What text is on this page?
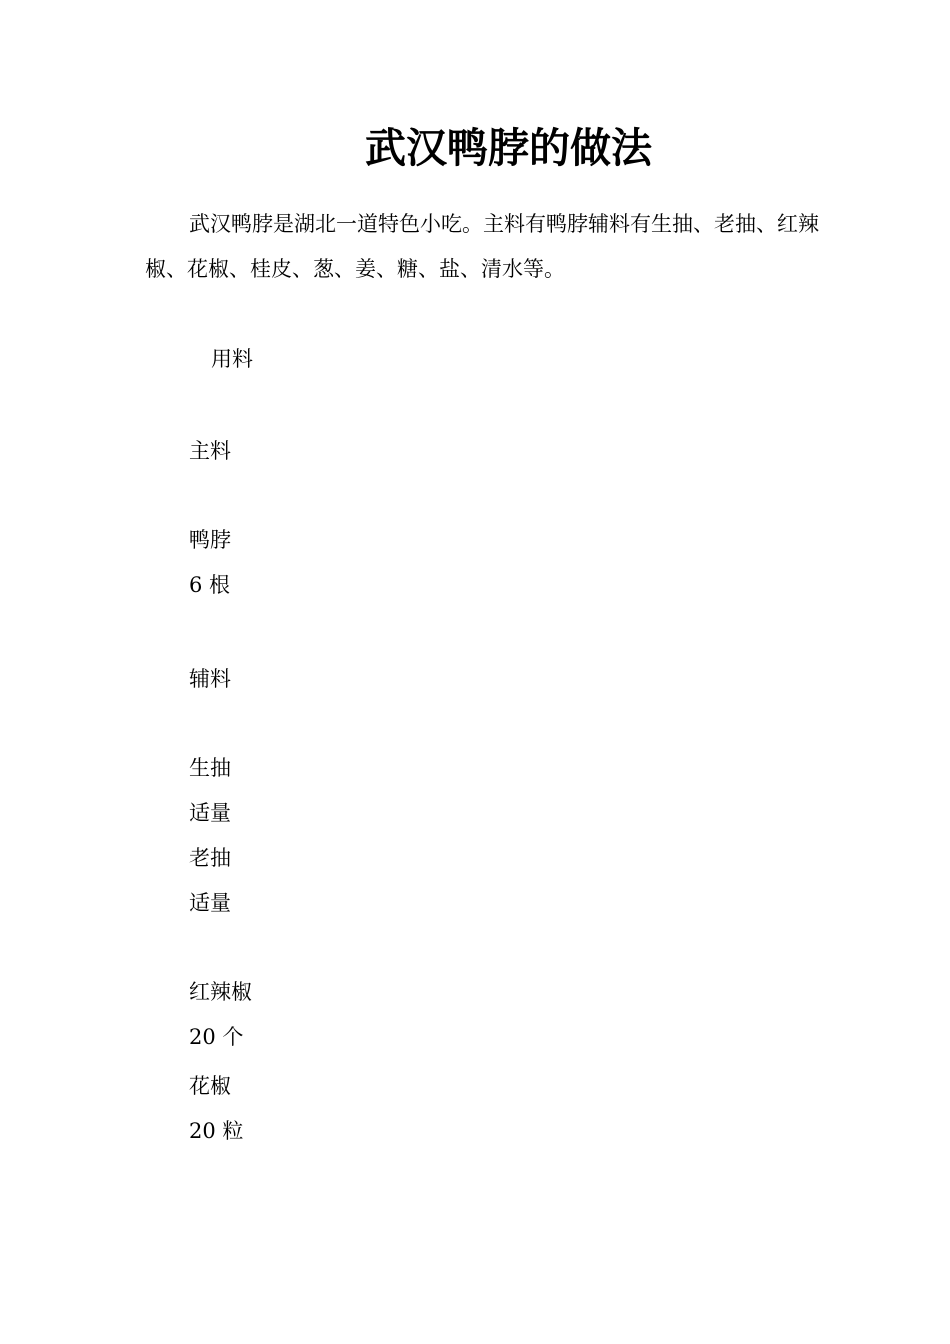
武汉鸭脖的做法

武汉鸭脖是湖北一道特色小吃。主料有鸭脖辅料有生抽、老抽、红辣椒、花椒、桂皮、葱、姜、糖、盐、清水等。

用料

主料

鸭脖

6 根

辅料

生抽

适量

老抽

适量

红辣椒

20 个

花椒

20 粒
